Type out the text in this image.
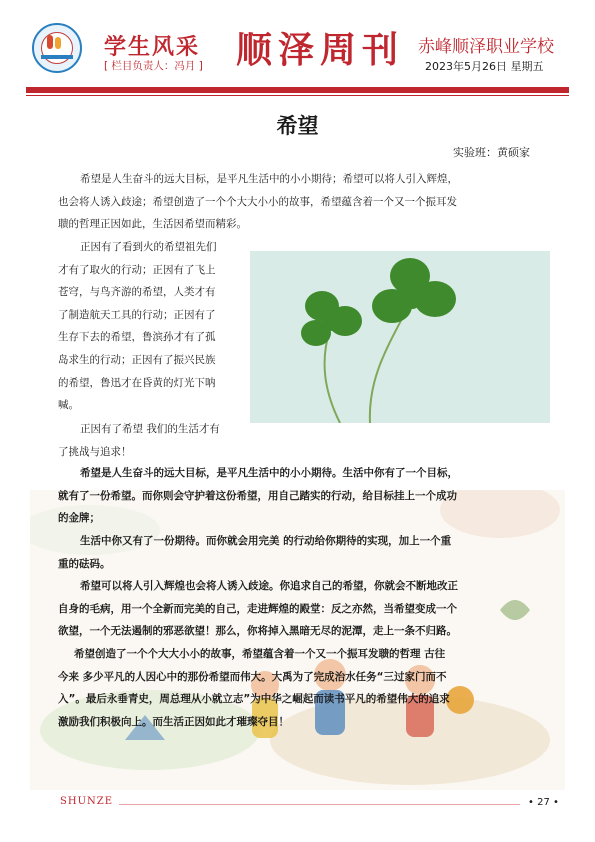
学生风采
[ 栏目负责人：冯月 ] 顺泽周刊 赤峰顺泽职业学校
2023年5月26日 星期五
希望
实验班：黄硕家

希望是人生奋斗的远大目标，是平凡生活中的小小期待；希望可以将人引入辉煌，
也会将人诱入歧途；希望创造了一个个大大小小的故事，希望蕴含着一个又一个振耳发
聩的哲理正因如此，生活因希望而精彩。

正因有了看到火的希望祖先们
才有了取火的行动；正因有了飞上
苍穹，与鸟齐游的希望，人类才有
了制造航天工具的行动；正因有了
生存下去的希望，鲁滨孙才有了孤
岛求生的行动；正因有了振兴民族
的希望，鲁迅才在昏黄的灯光下呐
喊。

正因有了希望 我们的生活才有
了挑战与追求！

希望是人生奋斗的远大目标，是平凡生活中的小小期待。生活中你有了一个目标，
就有了一份希望。而你则会守护着这份希望，用自己踏实的行动，给目标挂上一个成功
的金牌；

生活中你又有了一份期待。而你就会用完美 的行动给你期待的实现，加上一个重
重的砝码。

希望可以将人引入辉煌也会将人诱入歧途。你追求自己的希望，你就会不断地改正
自身的毛病，用一个全新而完美的自己，走进辉煌的殿堂：反之亦然，当希望变成一个
欲望，一个无法遏制的邪恶欲望！那么，你将掉入黑暗无尽的泥潭，走上一条不归路。

希望创造了一个个大大小小的故事，希望蕴含着一个又一个振耳发聩的哲理 古往
今来 多少平凡的人因心中的那份希望而伟大。大禹为了完成治水任务“三过家门而不
入”。最后永垂青史，周总理从小就立志”为中华之崛起而读书平凡的希望伟大的追求
激励我们积极向上。而生活正因如此才璀璨夺目！

SHUNZE	• 27 •
